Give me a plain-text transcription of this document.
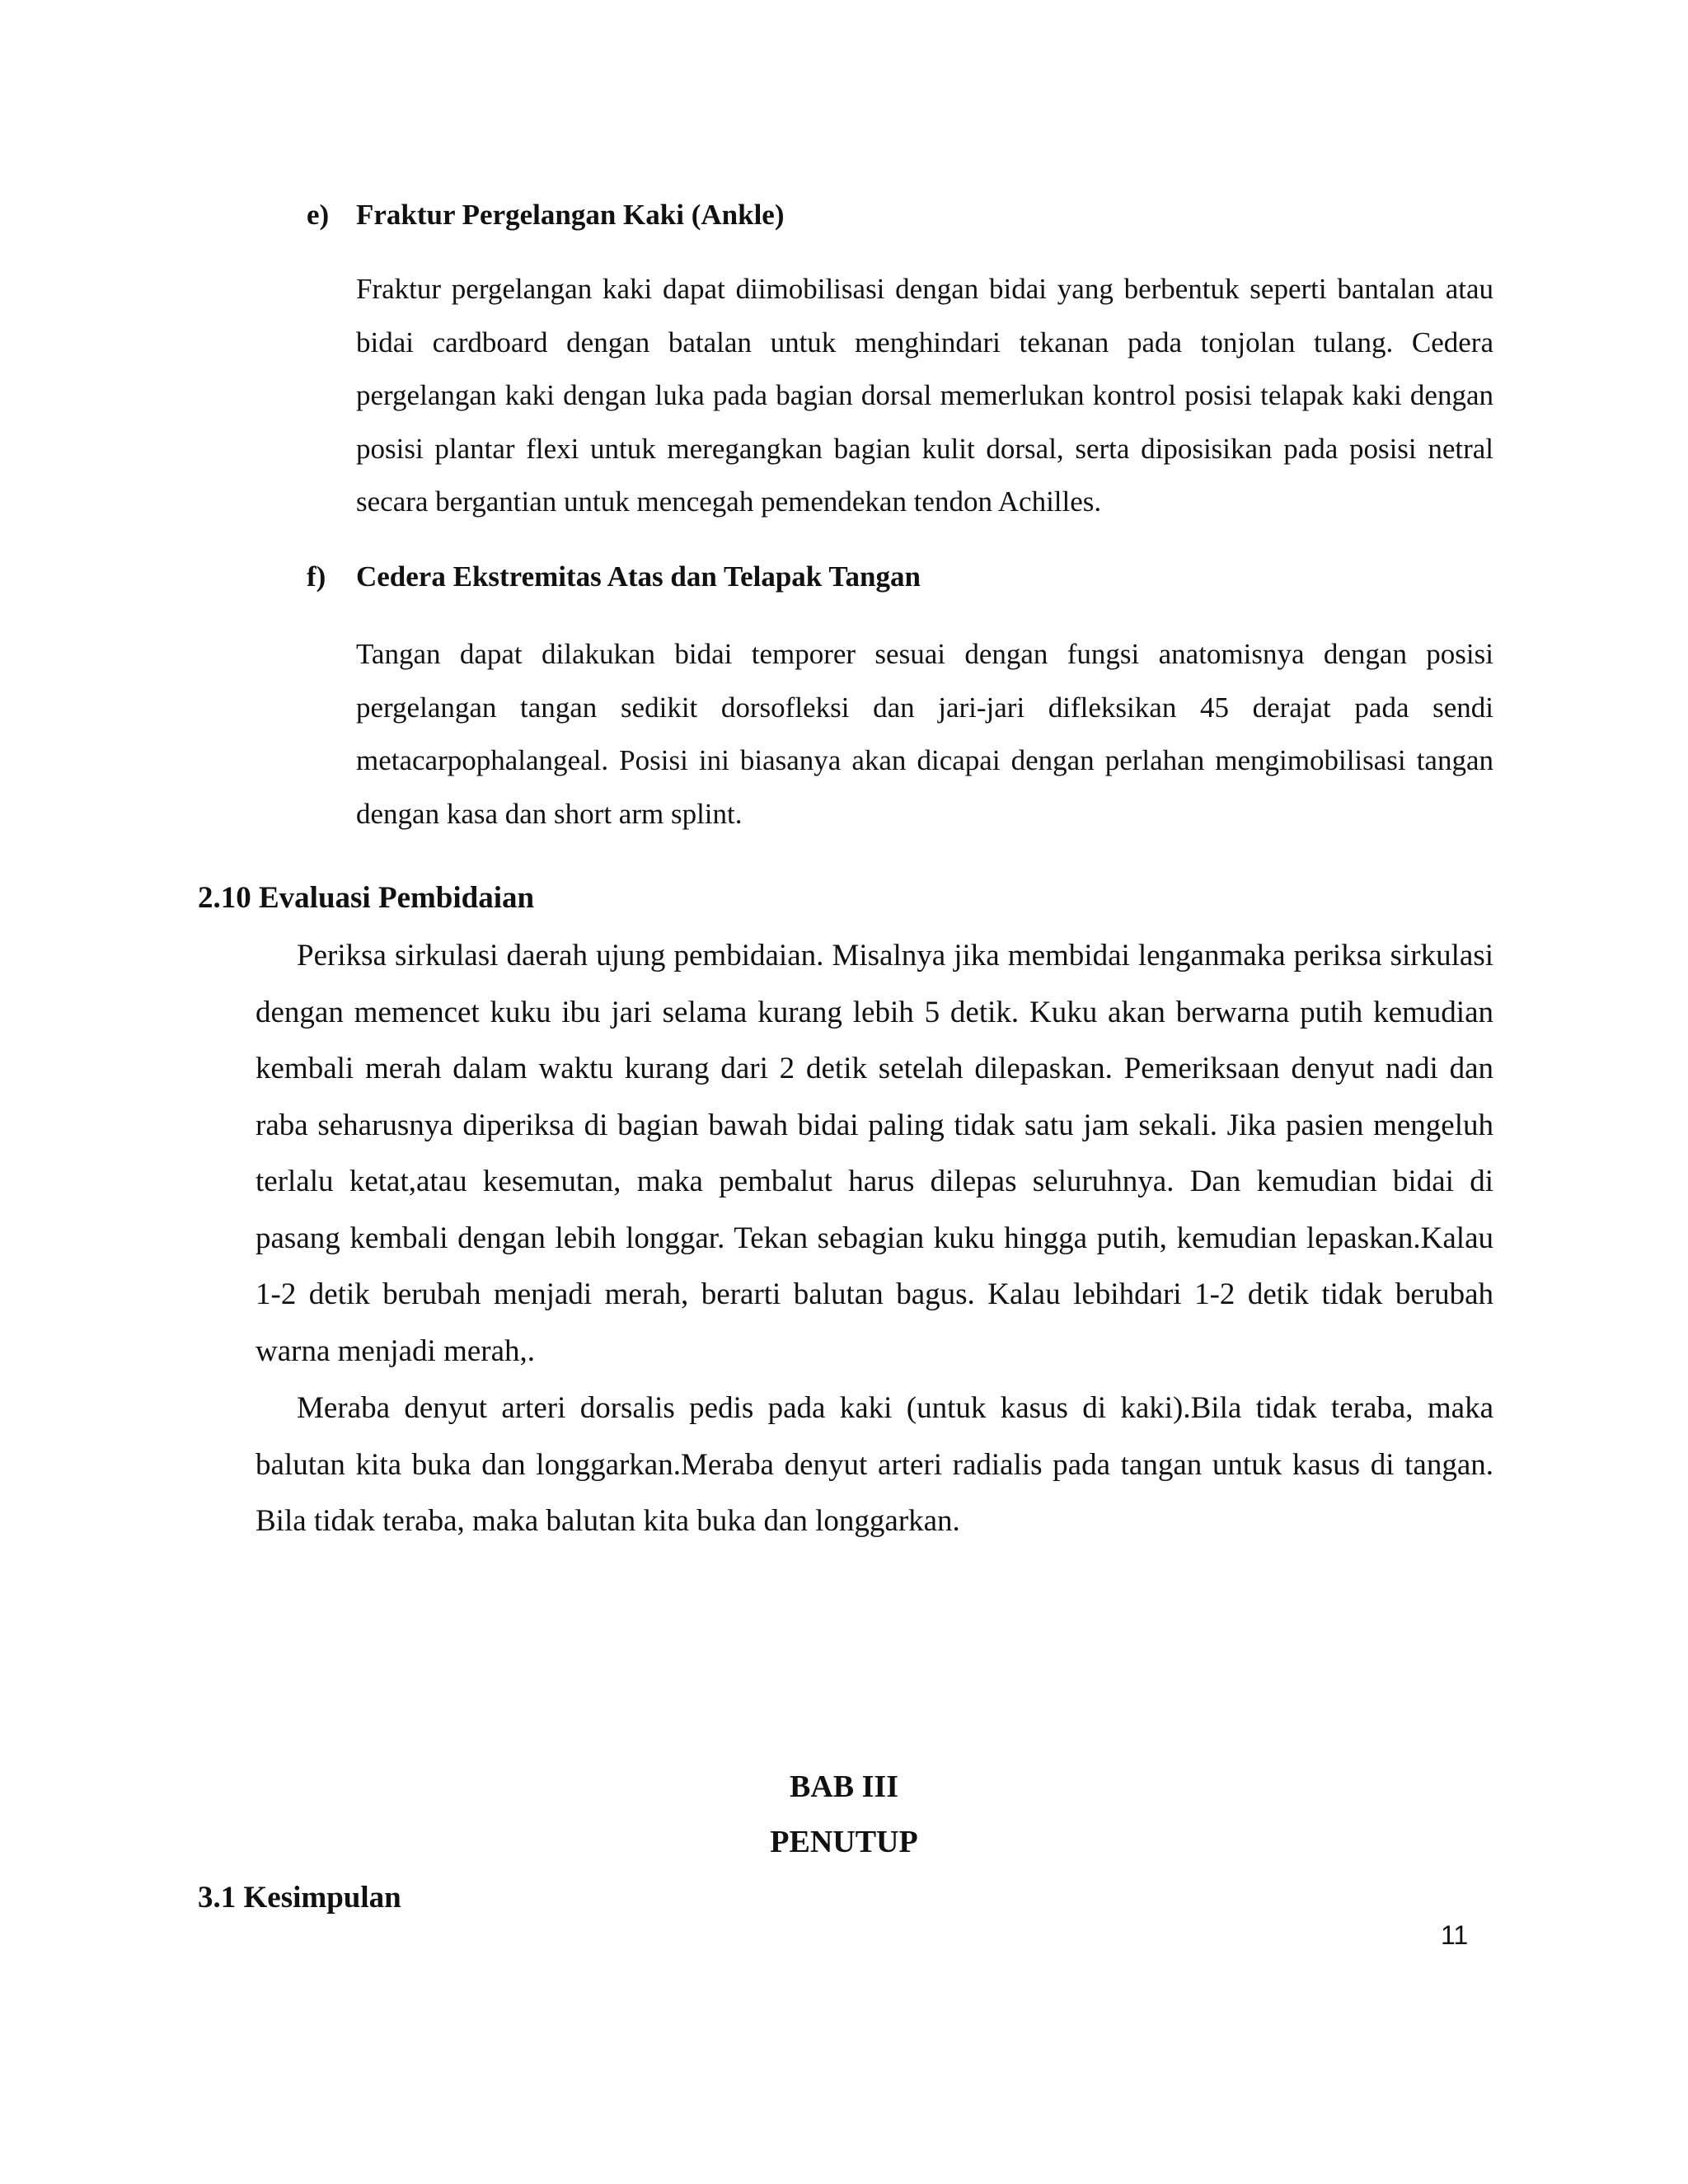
e) Fraktur Pergelangan Kaki (Ankle)

Fraktur pergelangan kaki dapat diimobilisasi dengan bidai yang berbentuk seperti bantalan atau bidai cardboard dengan batalan untuk menghindari tekanan pada tonjolan tulang. Cedera pergelangan kaki dengan luka pada bagian dorsal memerlukan kontrol posisi telapak kaki dengan posisi plantar flexi untuk meregangkan bagian kulit dorsal, serta diposisikan pada posisi netral secara bergantian untuk mencegah pemendekan tendon Achilles.

f) Cedera Ekstremitas Atas dan Telapak Tangan

Tangan dapat dilakukan bidai temporer sesuai dengan fungsi anatomisnya dengan posisi pergelangan tangan sedikit dorsofleksi dan jari-jari difleksikan 45 derajat pada sendi metacarpophalangeal. Posisi ini biasanya akan dicapai dengan perlahan mengimobilisasi tangan dengan kasa dan short arm splint.

2.10 Evaluasi Pembidaian

Periksa sirkulasi daerah ujung pembidaian. Misalnya jika membidai lenganmaka periksa sirkulasi dengan memencet kuku ibu jari selama kurang lebih 5 detik. Kuku akan berwarna putih kemudian kembali merah dalam waktu kurang dari 2 detik setelah dilepaskan. Pemeriksaan denyut nadi dan raba seharusnya diperiksa di bagian bawah bidai paling tidak satu jam sekali. Jika pasien mengeluh terlalu ketat,atau kesemutan, maka pembalut harus dilepas seluruhnya. Dan kemudian bidai di pasang kembali dengan lebih longgar. Tekan sebagian kuku hingga putih, kemudian lepaskan.Kalau 1-2 detik berubah menjadi merah, berarti balutan bagus. Kalau lebihdari 1-2 detik tidak berubah warna menjadi merah,.

Meraba denyut arteri dorsalis pedis pada kaki (untuk kasus di kaki).Bila tidak teraba, maka balutan kita buka dan longgarkan.Meraba denyut arteri radialis pada tangan untuk kasus di tangan. Bila tidak teraba, maka balutan kita buka dan longgarkan.

BAB III
PENUTUP
3.1 Kesimpulan
11
